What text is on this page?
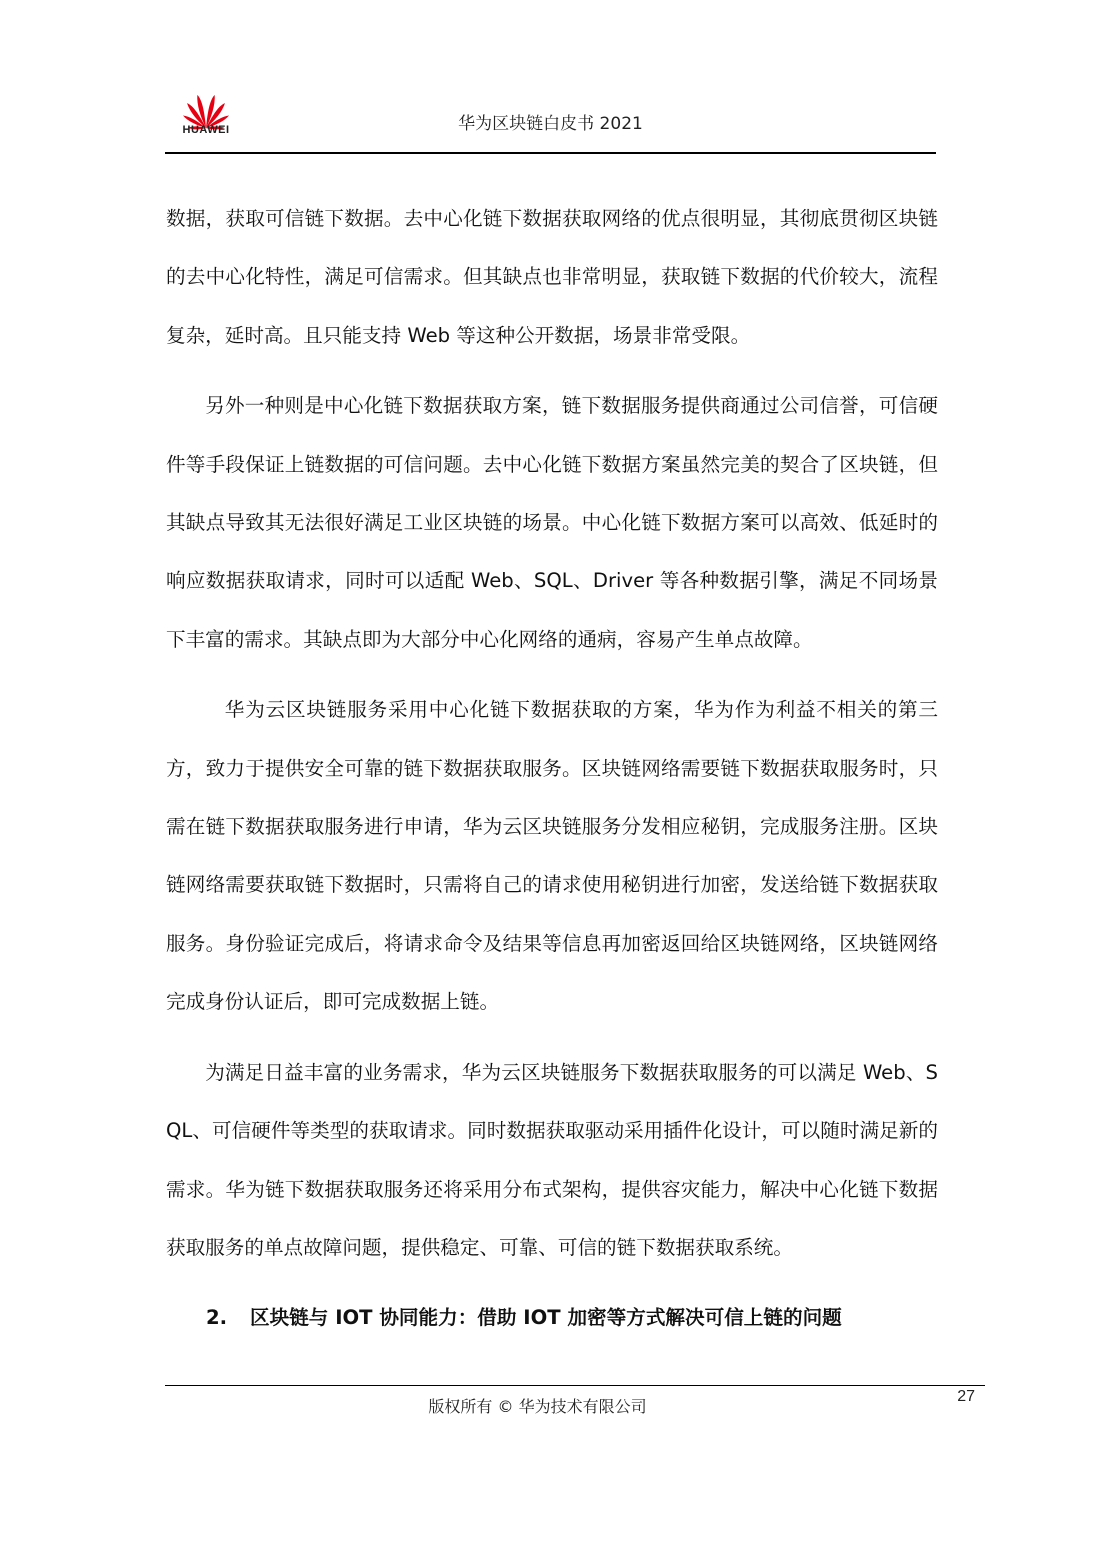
HUAWEI	华为区块链白皮书 2021

数据，获取可信链下数据。去中心化链下数据获取网络的优点很明显，其彻底贯彻区块链的去中心化特性，满足可信需求。但其缺点也非常明显，获取链下数据的代价较大，流程复杂，延时高。且只能支持 Web 等这种公开数据，场景非常受限。

另外一种则是中心化链下数据获取方案，链下数据服务提供商通过公司信誉，可信硬件等手段保证上链数据的可信问题。去中心化链下数据方案虽然完美的契合了区块链，但其缺点导致其无法很好满足工业区块链的场景。中心化链下数据方案可以高效、低延时的响应数据获取请求，同时可以适配 Web、SQL、Driver 等各种数据引擎，满足不同场景下丰富的需求。其缺点即为大部分中心化网络的通病，容易产生单点故障。

华为云区块链服务采用中心化链下数据获取的方案，华为作为利益不相关的第三方，致力于提供安全可靠的链下数据获取服务。区块链网络需要链下数据获取服务时，只需在链下数据获取服务进行申请，华为云区块链服务分发相应秘钥，完成服务注册。区块链网络需要获取链下数据时，只需将自己的请求使用秘钥进行加密，发送给链下数据获取服务。身份验证完成后，将请求命令及结果等信息再加密返回给区块链网络，区块链网络完成身份认证后，即可完成数据上链。

为满足日益丰富的业务需求，华为云区块链服务下数据获取服务的可以满足 Web、SQL、可信硬件等类型的获取请求。同时数据获取驱动采用插件化设计，可以随时满足新的需求。华为链下数据获取服务还将采用分布式架构，提供容灾能力，解决中心化链下数据获取服务的单点故障问题，提供稳定、可靠、可信的链下数据获取系统。

2. 区块链与 IOT 协同能力：借助 IOT 加密等方式解决可信上链的问题
版权所有 © 华为技术有限公司
27
